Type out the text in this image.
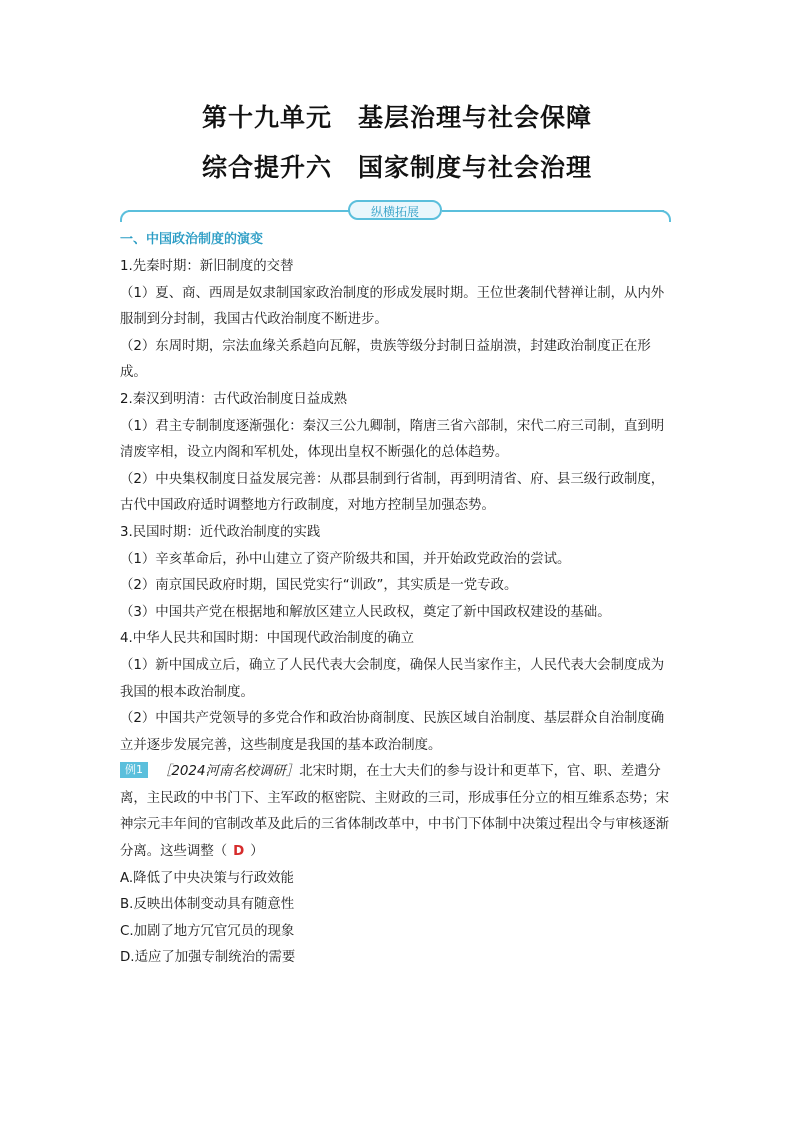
第十九单元　基层治理与社会保障
综合提升六　国家制度与社会治理
纵横拓展
一、中国政治制度的演变

1.先秦时期：新旧制度的交替

（1）夏、商、西周是奴隶制国家政治制度的形成发展时期。王位世袭制代替禅让制，从内外服制到分封制，我国古代政治制度不断进步。

（2）东周时期，宗法血缘关系趋向瓦解，贵族等级分封制日益崩溃，封建政治制度正在形成。

2.秦汉到明清：古代政治制度日益成熟

（1）君主专制制度逐渐强化：秦汉三公九卿制，隋唐三省六部制，宋代二府三司制，直到明清废宰相，设立内阁和军机处，体现出皇权不断强化的总体趋势。

（2）中央集权制度日益发展完善：从郡县制到行省制，再到明清省、府、县三级行政制度，古代中国政府适时调整地方行政制度，对地方控制呈加强态势。

3.民国时期：近代政治制度的实践

（1）辛亥革命后，孙中山建立了资产阶级共和国，并开始政党政治的尝试。

（2）南京国民政府时期，国民党实行“训政”，其实质是一党专政。

（3）中国共产党在根据地和解放区建立人民政权，奠定了新中国政权建设的基础。

4.中华人民共和国时期：中国现代政治制度的确立

（1）新中国成立后，确立了人民代表大会制度，确保人民当家作主，人民代表大会制度成为我国的根本政治制度。

（2）中国共产党领导的多党合作和政治协商制度、民族区域自治制度、基层群众自治制度确立并逐步发展完善，这些制度是我国的基本政治制度。

例1 ［2024河南名校调研］北宋时期，在士大夫们的参与设计和更革下，官、职、差遣分离，主民政的中书门下、主军政的枢密院、主财政的三司，形成事任分立的相互维系态势；宋神宗元丰年间的官制改革及此后的三省体制改革中，中书门下体制中决策过程出令与审核逐渐分离。这些调整（ D ）

A.降低了中央决策与行政效能

B.反映出体制变动具有随意性

C.加剧了地方冗官冗员的现象

D.适应了加强专制统治的需要
